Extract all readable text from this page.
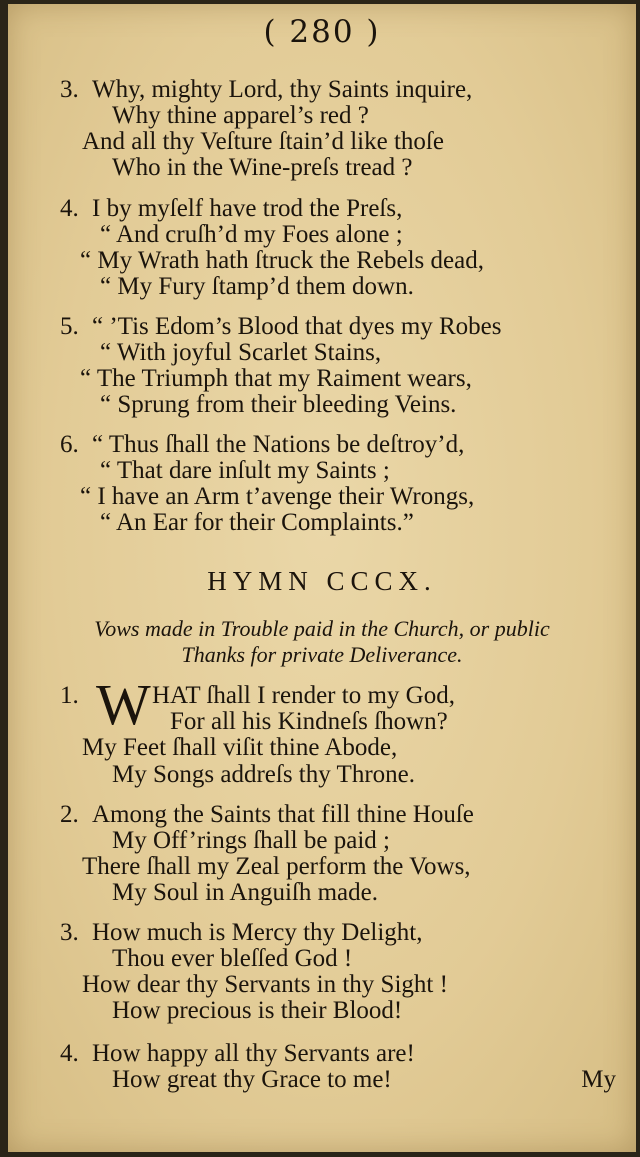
( 280 )
3. Why, mighty Lord, thy Saints inquire,
Why thine apparel’s red ?
And all thy Veſture ſtain’d like thoſe
Who in the Wine-preſs tread ?
4. I by myſelf have trod the Preſs,
“ And cruſh’d my Foes alone ;
“ My Wrath hath ſtruck the Rebels dead,
“ My Fury ſtamp’d them down.
5. “ ’Tis Edom’s Blood that dyes my Robes
“ With joyful Scarlet Stains,
“ The Triumph that my Raiment wears,
“ Sprung from their bleeding Veins.
6. “ Thus ſhall the Nations be deſtroy’d,
“ That dare inſult my Saints ;
“ I have an Arm t’avenge their Wrongs,
“ An Ear for their Complaints.”
HYMN CCCX.
Vows made in Trouble paid in the Church, or public
Thanks for private Deliverance.
1. W HAT ſhall I render to my God,
For all his Kindneſs ſhown?
My Feet ſhall viſit thine Abode,
My Songs addreſs thy Throne.
2. Among the Saints that fill thine Houſe
My Off’rings ſhall be paid ;
There ſhall my Zeal perform the Vows,
My Soul in Anguiſh made.
3. How much is Mercy thy Delight,
Thou ever bleſſed God !
How dear thy Servants in thy Sight !
How precious is their Blood!
4. How happy all thy Servants are!
How great thy Grace to me!	My
